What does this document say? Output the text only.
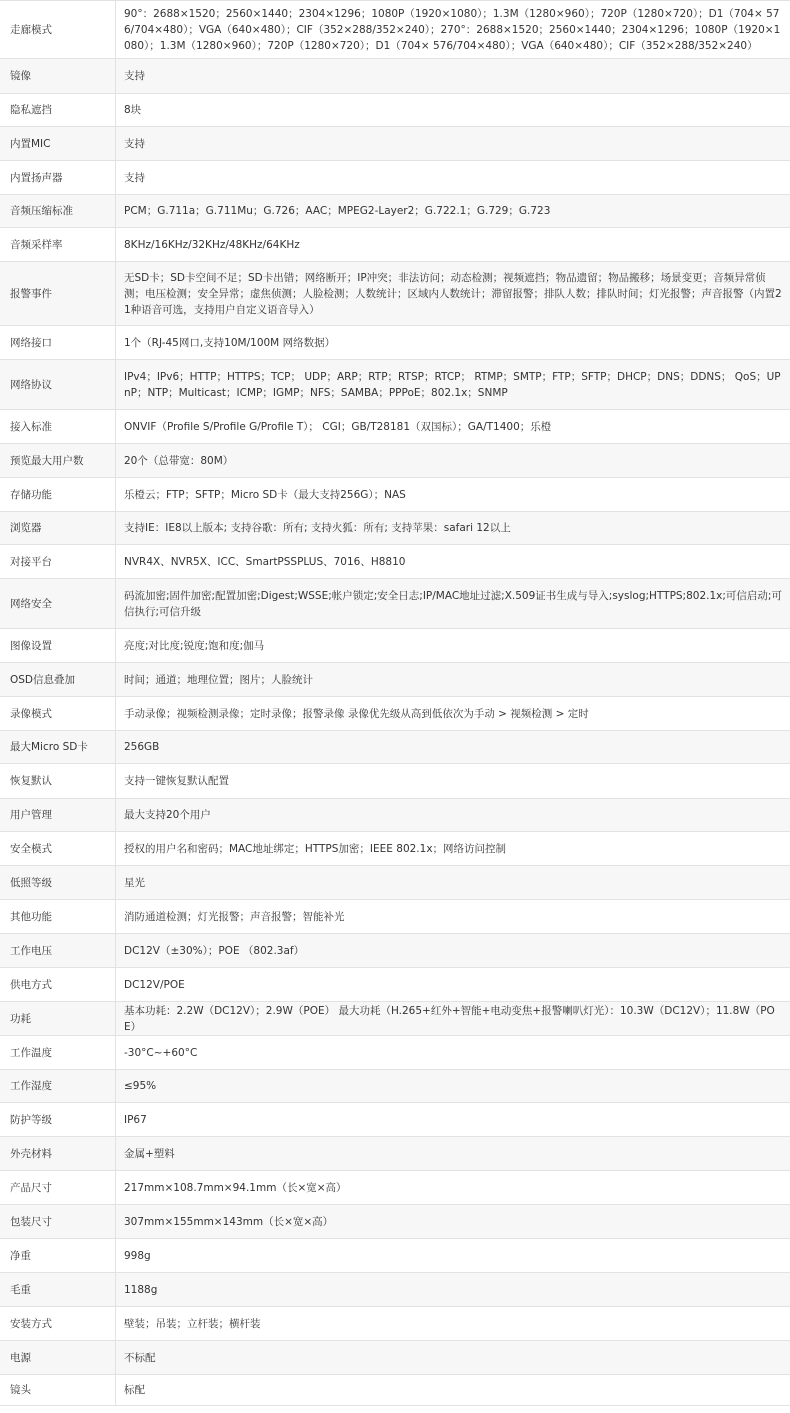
走廊模式	90°：2688×1520；2560×1440；2304×1296；1080P（1920×1080）；1.3M（1280×960）；720P（1280×720）；D1（704× 576/704×480）；VGA（640×480）；CIF（352×288/352×240）；270°：2688×1520；2560×1440；2304×1296；1080P（1920×1080）；1.3M（1280×960）；720P（1280×720）；D1（704× 576/704×480）；VGA（640×480）；CIF（352×288/352×240）

镜像	支持

隐私遮挡	8块

内置MIC	支持

内置扬声器	支持

音频压缩标准	PCM；G.711a；G.711Mu；G.726；AAC；MPEG2-Layer2；G.722.1；G.729；G.723

音频采样率	8KHz/16KHz/32KHz/48KHz/64KHz

报警事件	无SD卡；SD卡空间不足；SD卡出错；网络断开；IP冲突；非法访问；动态检测；视频遮挡；物品遗留；物品搬移；场景变更；音频异常侦测；电压检测；安全异常；虚焦侦测；人脸检测；人数统计；区域内人数统计；滞留报警；排队人数；排队时间；灯光报警；声音报警（内置21种语音可选，支持用户自定义语音导入）

网络接口	1个（RJ-45网口,支持10M/100M 网络数据）

网络协议	IPv4；IPv6；HTTP；HTTPS；TCP； UDP；ARP；RTP；RTSP；RTCP； RTMP；SMTP；FTP；SFTP；DHCP；DNS；DDNS； QoS；UPnP；NTP；Multicast；ICMP；IGMP；NFS；SAMBA；PPPoE；802.1x；SNMP

接入标准	ONVIF（Profile S/Profile G/Profile T）； CGI；GB/T28181（双国标）；GA/T1400；乐橙

预览最大用户数	20个（总带宽：80M）

存储功能	乐橙云；FTP；SFTP；Micro SD卡（最大支持256G）；NAS

浏览器	支持IE：IE8以上版本; 支持谷歌：所有; 支持火狐：所有; 支持苹果：safari 12以上

对接平台	NVR4X、NVR5X、ICC、SmartPSSPLUS、7016、H8810

网络安全	码流加密;固件加密;配置加密;Digest;WSSE;帐户锁定;安全日志;IP/MAC地址过滤;X.509证书生成与导入;syslog;HTTPS;802.1x;可信启动;可信执行;可信升级

图像设置	亮度;对比度;锐度;饱和度;伽马

OSD信息叠加	时间；通道；地理位置；图片；人脸统计

录像模式	手动录像；视频检测录像；定时录像；报警录像 录像优先级从高到低依次为手动 > 视频检测 > 定时

最大Micro SD卡	256GB

恢复默认	支持一键恢复默认配置

用户管理	最大支持20个用户

安全模式	授权的用户名和密码；MAC地址绑定；HTTPS加密；IEEE 802.1x；网络访问控制

低照等级	星光

其他功能	消防通道检测；灯光报警；声音报警；智能补光

工作电压	DC12V（±30%）；POE （802.3af）

供电方式	DC12V/POE

功耗	基本功耗：2.2W（DC12V）；2.9W（POE） 最大功耗（H.265+红外+智能+电动变焦+报警喇叭灯光）：10.3W（DC12V）；11.8W（POE）

工作温度	-30°C~+60°C

工作湿度	≤95%

防护等级	IP67

外壳材料	金属+塑料

产品尺寸	217mm×108.7mm×94.1mm（长×宽×高）

包装尺寸	307mm×155mm×143mm（长×宽×高）

净重	998g

毛重	1188g

安装方式	壁装；吊装；立杆装；横杆装

电源	不标配

镜头	标配
